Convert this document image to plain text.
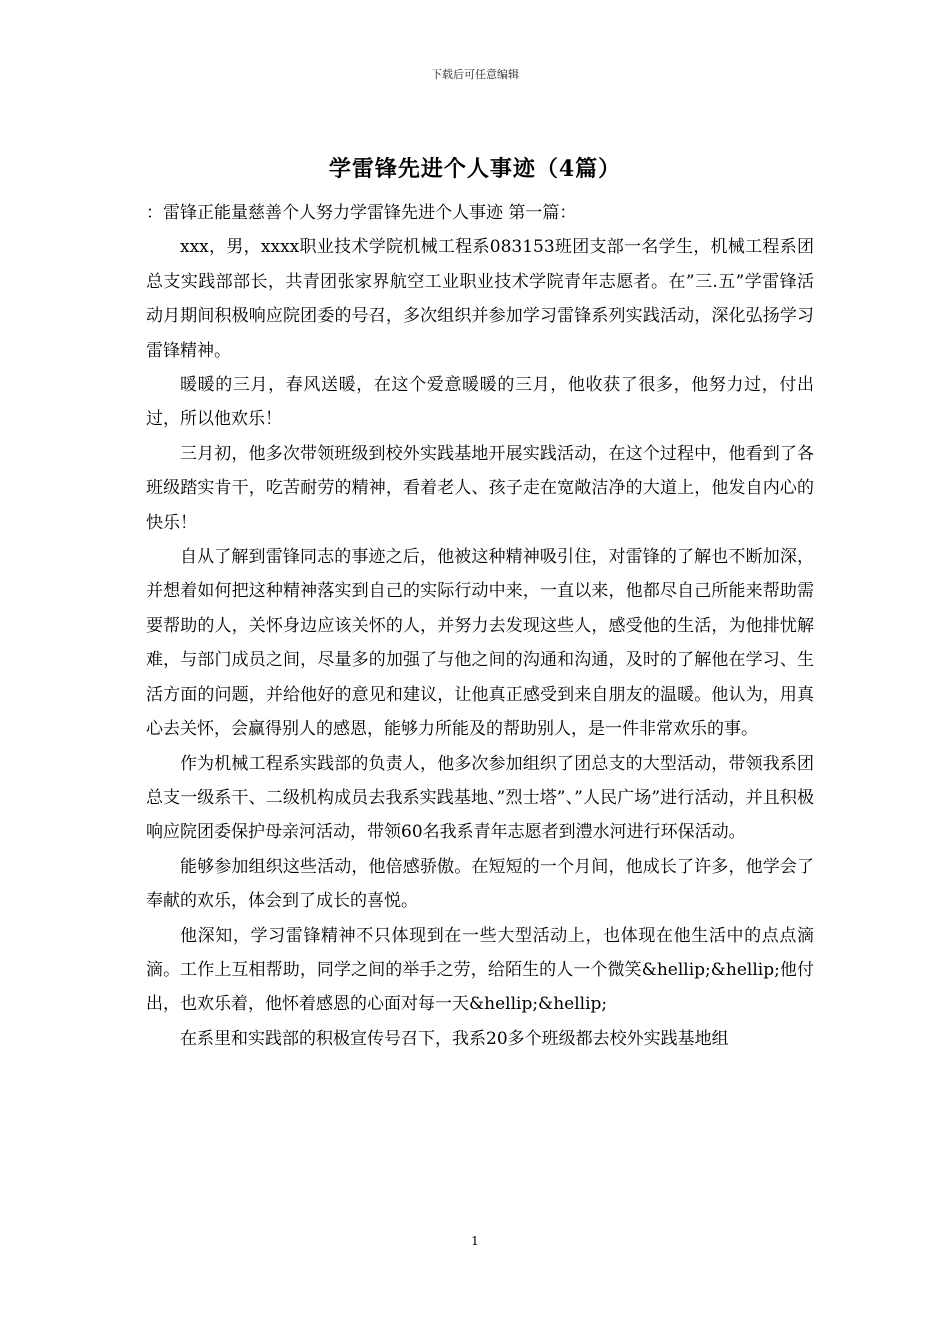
下载后可任意编辑
学雷锋先进个人事迹（4篇）

：雷锋正能量慈善个人努力学雷锋先进个人事迹 第一篇：

xxx，男，xxxx职业技术学院机械工程系083153班团支部一名学生，机械工程系团总支实践部部长，共青团张家界航空工业职业技术学院青年志愿者。在”三.五”学雷锋活动月期间积极响应院团委的号召，多次组织并参加学习雷锋系列实践活动，深化弘扬学习雷锋精神。

暖暖的三月，春风送暖，在这个爱意暖暖的三月，他收获了很多，他努力过，付出过，所以他欢乐！

三月初，他多次带领班级到校外实践基地开展实践活动，在这个过程中，他看到了各班级踏实肯干，吃苦耐劳的精神，看着老人、孩子走在宽敞洁净的大道上，他发自内心的快乐！

自从了解到雷锋同志的事迹之后，他被这种精神吸引住，对雷锋的了解也不断加深，并想着如何把这种精神落实到自己的实际行动中来，一直以来，他都尽自己所能来帮助需要帮助的人，关怀身边应该关怀的人，并努力去发现这些人，感受他的生活，为他排忧解难，与部门成员之间，尽量多的加强了与他之间的沟通和沟通，及时的了解他在学习、生活方面的问题，并给他好的意见和建议，让他真正感受到来自朋友的温暖。他认为，用真心去关怀，会赢得别人的感恩，能够力所能及的帮助别人，是一件非常欢乐的事。

作为机械工程系实践部的负责人，他多次参加组织了团总支的大型活动，带领我系团总支一级系干、二级机构成员去我系实践基地、”烈士塔”、”人民广场”进行活动，并且积极响应院团委保护母亲河活动，带领60名我系青年志愿者到澧水河进行环保活动。

能够参加组织这些活动，他倍感骄傲。在短短的一个月间，他成长了许多，他学会了奉献的欢乐，体会到了成长的喜悦。

他深知，学习雷锋精神不只体现到在一些大型活动上，也体现在他生活中的点点滴滴。工作上互相帮助，同学之间的举手之劳，给陌生的人一个微笑&hellip;&hellip;他付出，也欢乐着，他怀着感恩的心面对每一天&hellip;&hellip;

在系里和实践部的积极宣传号召下，我系20多个班级都去校外实践基地组

1
